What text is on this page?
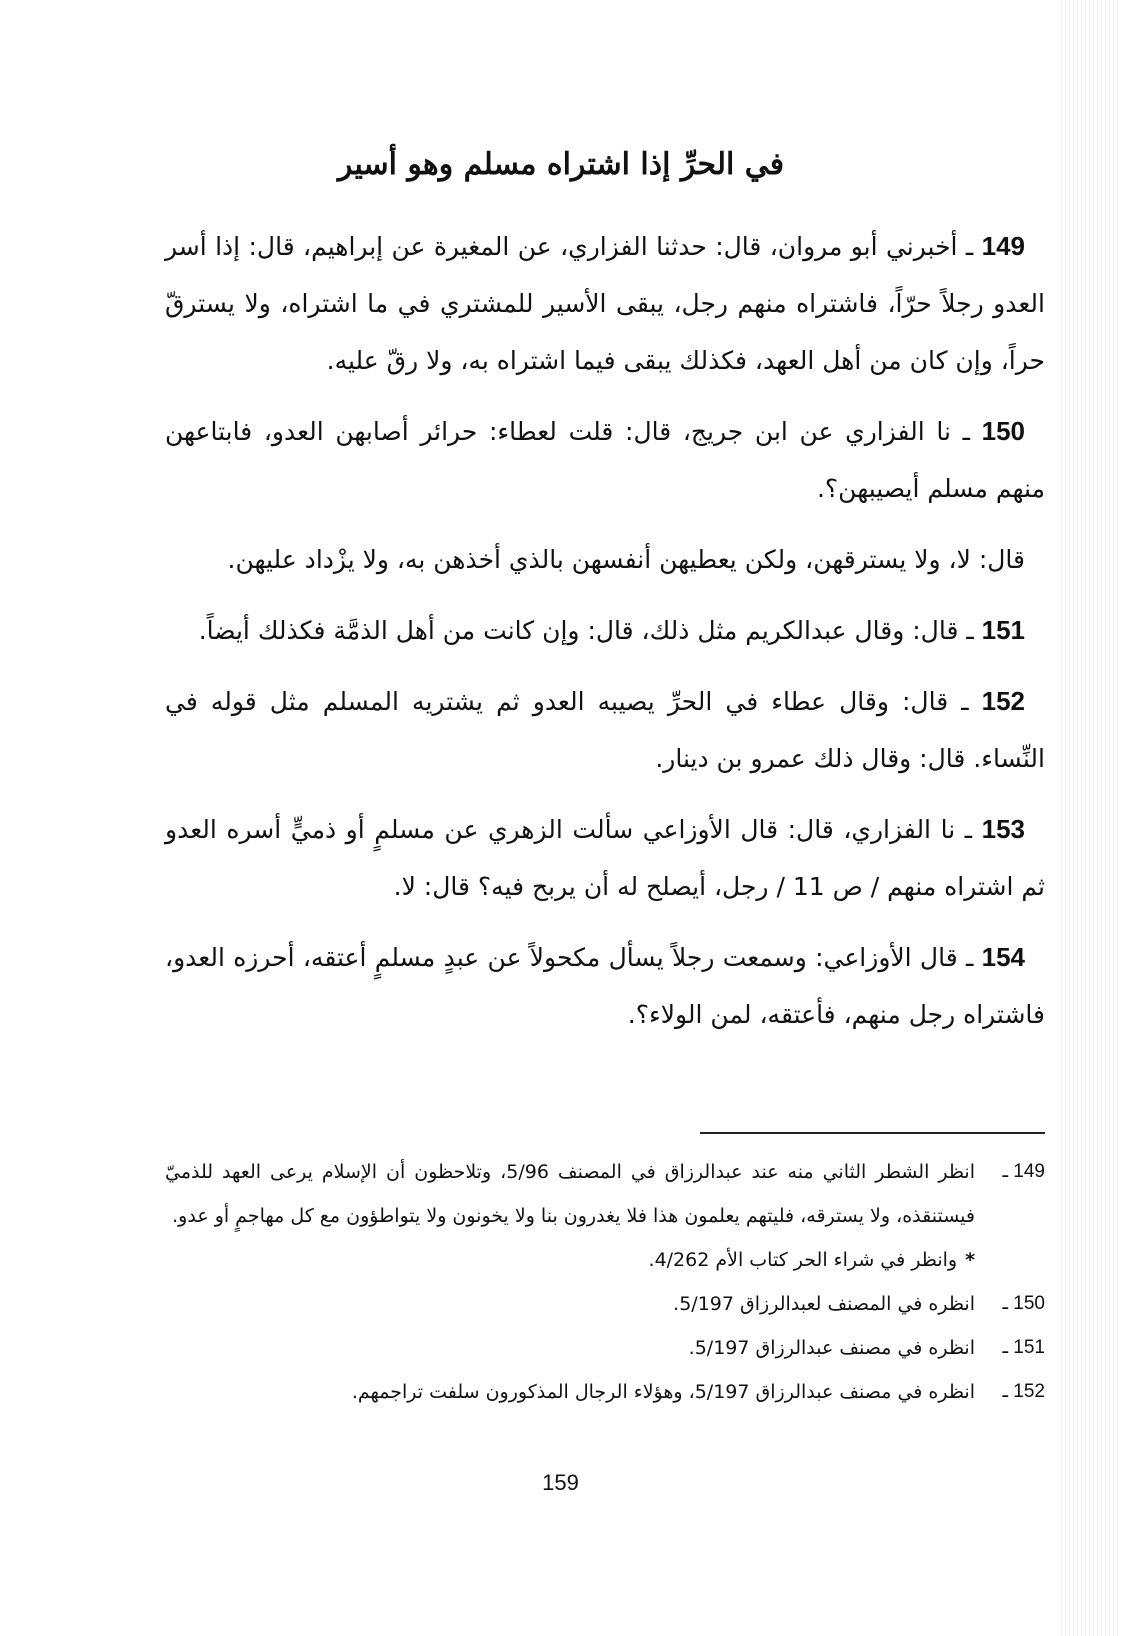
في الحرِّ إذا اشتراه مسلم وهو أسير

149 ـ أخبرني أبو مروان، قال: حدثنا الفزاري، عن المغيرة عن إبراهيم، قال: إذا أسر العدو رجلاً حرّاً، فاشتراه منهم رجل، يبقى الأسير للمشتري في ما اشتراه، ولا يسترقّ حراً، وإن كان من أهل العهد، فكذلك يبقى فيما اشتراه به، ولا رقّ عليه.

150 ـ نا الفزاري عن ابن جريج، قال: قلت لعطاء: حرائر أصابهن العدو، فابتاعهن منهم مسلم أيصيبهن؟.

قال: لا، ولا يسترقهن، ولكن يعطيهن أنفسهن بالذي أخذهن به، ولا يزْداد عليهن.

151 ـ قال: وقال عبدالكريم مثل ذلك، قال: وإن كانت من أهل الذمَّة فكذلك أيضاً.

152 ـ قال: وقال عطاء في الحرِّ يصيبه العدو ثم يشتريه المسلم مثل قوله في النِّساء. قال: وقال ذلك عمرو بن دينار.

153 ـ نا الفزاري، قال: قال الأوزاعي سألت الزهري عن مسلمٍ أو ذميٍّ أسره العدو ثم اشتراه منهم / ص 11 / رجل، أيصلح له أن يربح فيه؟ قال: لا.

154 ـ قال الأوزاعي: وسمعت رجلاً يسأل مكحولاً عن عبدٍ مسلمٍ أعتقه، أحرزه العدو، فاشتراه رجل منهم، فأعتقه، لمن الولاء؟.

149 ـ
انظر الشطر الثاني منه عند عبدالرزاق في المصنف 5/96، وتلاحظون أن الإسلام يرعى العهد للذميّ فيستنقذه، ولا يسترقه، فليتهم يعلمون هذا فلا يغدرون بنا ولا يخونون ولا يتواطؤون مع كل مهاجمٍ أو عدو.
*وانظر في شراء الحر كتاب الأم 4/262.
150 ـ
انظره في المصنف لعبدالرزاق 5/197.
151 ـ
انظره في مصنف عبدالرزاق 5/197.
152 ـ
انظره في مصنف عبدالرزاق 5/197، وهؤلاء الرجال المذكورون سلفت تراجمهم.
159
